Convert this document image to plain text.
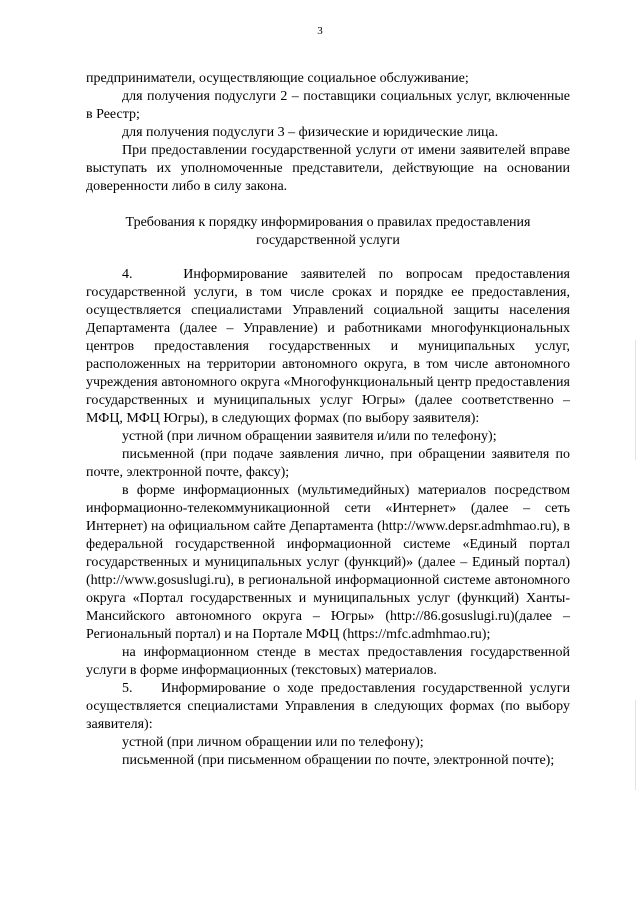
3

предприниматели, осуществляющие социальное обслуживание;

для получения подуслуги 2 – поставщики социальных услуг, включенные в Реестр;

для получения подуслуги 3 – физические и юридические лица.

При предоставлении государственной услуги от имени заявителей вправе выступать их уполномоченные представители, действующие на основании доверенности либо в силу закона.

Требования к порядку информирования о правилах предоставления
государственной услуги

4.    Информирование заявителей по вопросам предоставления государственной услуги, в том числе сроках и порядке ее предоставления, осуществляется специалистами Управлений социальной защиты населения Департамента (далее – Управление) и работниками многофункциональных центров предоставления государственных и муниципальных услуг, расположенных на территории автономного округа, в том числе автономного учреждения автономного округа «Многофункциональный центр предоставления государственных и муниципальных услуг Югры» (далее соответственно – МФЦ, МФЦ Югры), в следующих формах (по выбору заявителя):

устной (при личном обращении заявителя и/или по телефону);

письменной (при подаче заявления лично, при обращении заявителя по почте, электронной почте, факсу);

в форме информационных (мультимедийных) материалов посредством информационно-телекоммуникационной сети «Интернет» (далее – сеть Интернет) на официальном сайте Департамента (http://www.depsr.admhmao.ru), в федеральной государственной информационной системе «Единый портал государственных и муниципальных услуг (функций)» (далее – Единый портал) (http://www.gosuslugi.ru), в региональной информационной системе автономного округа «Портал государственных и муниципальных услуг (функций) Ханты-Мансийского автономного округа – Югры» (http://86.gosuslugi.ru)(далее – Региональный портал) и на Портале МФЦ (https://mfc.admhmao.ru);

на информационном стенде в местах предоставления государственной услуги в форме информационных (текстовых) материалов.

5.    Информирование о ходе предоставления государственной услуги осуществляется специалистами Управления в следующих формах (по выбору заявителя):

устной (при личном обращении или по телефону);

письменной (при письменном обращении по почте, электронной почте);
